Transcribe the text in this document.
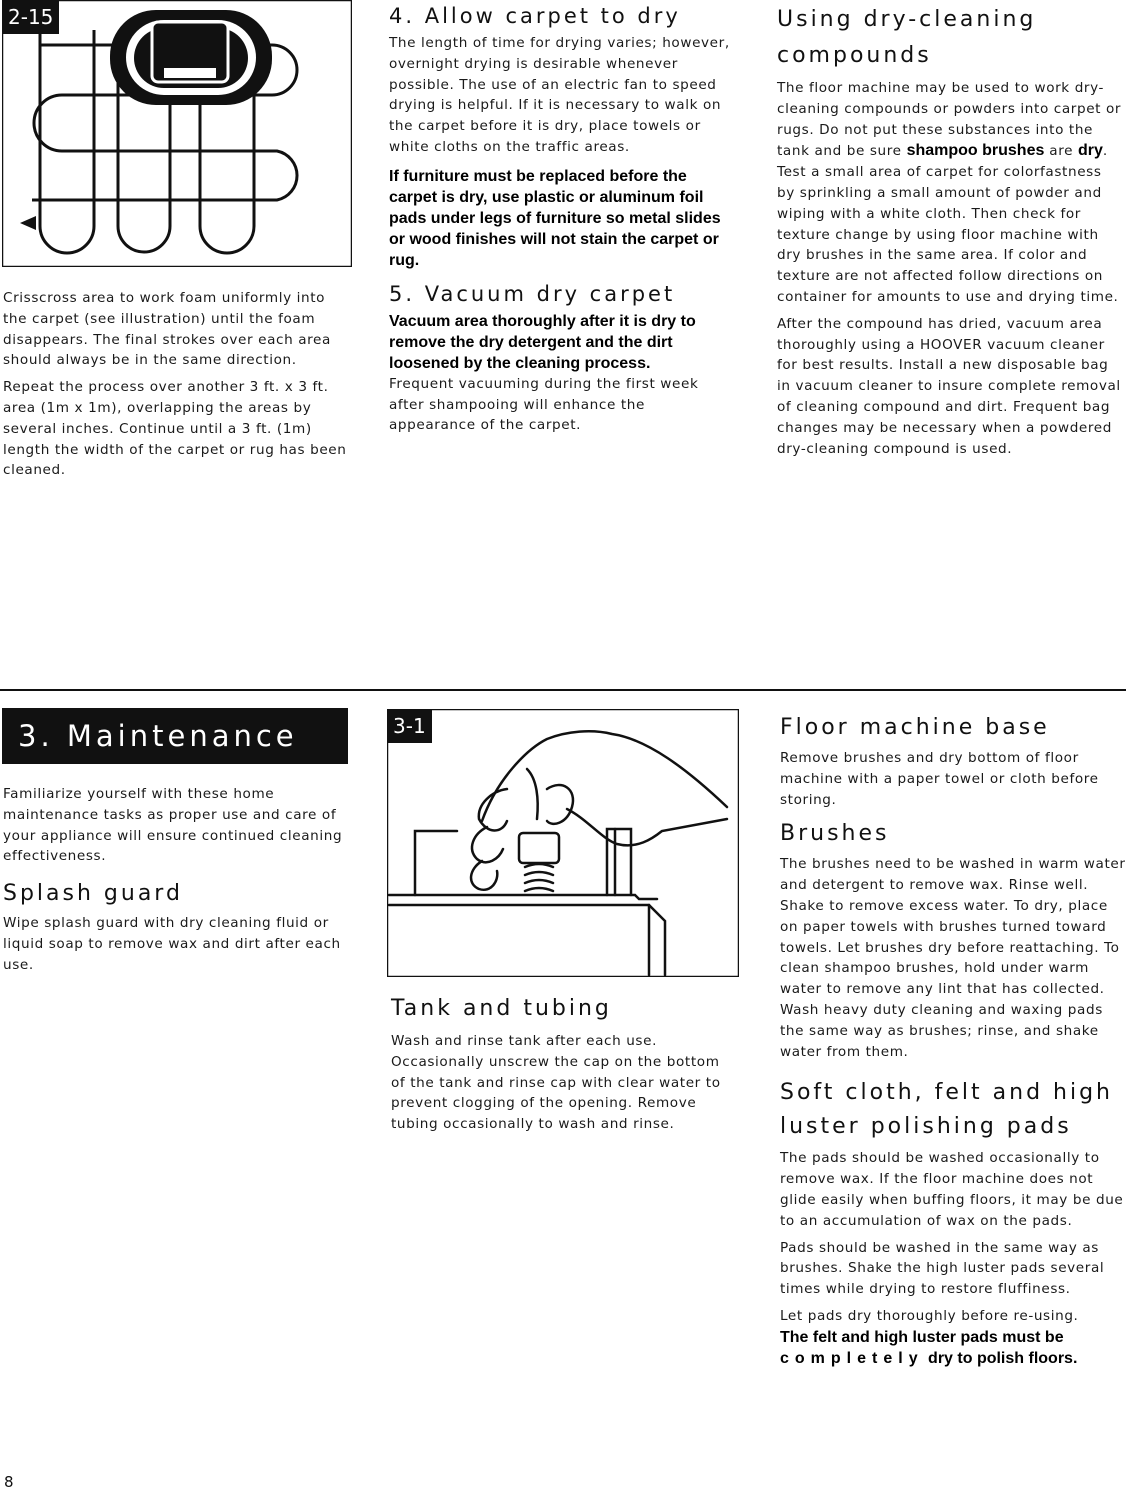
2-15

Crisscross area to work foam uniformly into the carpet (see illustration) until the foam disappears. The final strokes over each area should always be in the same direction.

Repeat the process over another 3 ft. x 3 ft. area (1m x 1m), overlapping the areas by several inches. Continue until a 3 ft. (1m) length the width of the carpet or rug has been cleaned.

4. Allow carpet to dry

The length of time for drying varies; however, overnight drying is desirable whenever possible. The use of an electric fan to speed drying is helpful. If it is necessary to walk on the carpet before it is dry, place towels or white cloths on the traffic areas.

If furniture must be replaced before the carpet is dry, use plastic or aluminum foil pads under legs of furniture so metal slides or wood finishes will not stain the carpet or rug.

5. Vacuum dry carpet

Vacuum area thoroughly after it is dry to remove the dry detergent and the dirt loosened by the cleaning process.

Frequent vacuuming during the first week after shampooing will enhance the appearance of the carpet.

Using dry-cleaning compounds

The floor machine may be used to work dry-cleaning compounds or powders into carpet or rugs. Do not put these substances into the tank and be sure shampoo brushes are dry. Test a small area of carpet for colorfastness by sprinkling a small amount of powder and wiping with a white cloth. Then check for texture change by using floor machine with dry brushes in the same area. If color and texture are not affected follow directions on container for amounts to use and drying time.

After the compound has dried, vacuum area thoroughly using a HOOVER vacuum cleaner for best results. Install a new disposable bag in vacuum cleaner to insure complete removal of cleaning compound and dirt. Frequent bag changes may be necessary when a powdered dry-cleaning compound is used.

3. Maintenance

Familiarize yourself with these home maintenance tasks as proper use and care of your appliance will ensure continued cleaning effectiveness.

Splash guard

Wipe splash guard with dry cleaning fluid or liquid soap to remove wax and dirt after each use.

3-1
Tank and tubing

Wash and rinse tank after each use. Occasionally unscrew the cap on the bottom of the tank and rinse cap with clear water to prevent clogging of the opening. Remove tubing occasionally to wash and rinse.

Floor machine base

Remove brushes and dry bottom of floor machine with a paper towel or cloth before storing.

Brushes

The brushes need to be washed in warm water and detergent to remove wax. Rinse well. Shake to remove excess water. To dry, place on paper towels with brushes turned toward towels. Let brushes dry before reattaching. To clean shampoo brushes, hold under warm water to remove any lint that has collected. Wash heavy duty cleaning and waxing pads the same way as brushes; rinse, and shake water from them.

Soft cloth, felt and high luster polishing pads

The pads should be washed occasionally to remove wax. If the floor machine does not glide easily when buffing floors, it may be due to an accumulation of wax on the pads.

Pads should be washed in the same way as brushes. Shake the high luster pads several times while drying to restore fluffiness.

Let pads dry thoroughly before re-using.

The felt and high luster pads must be
completely dry to polish floors.

8
